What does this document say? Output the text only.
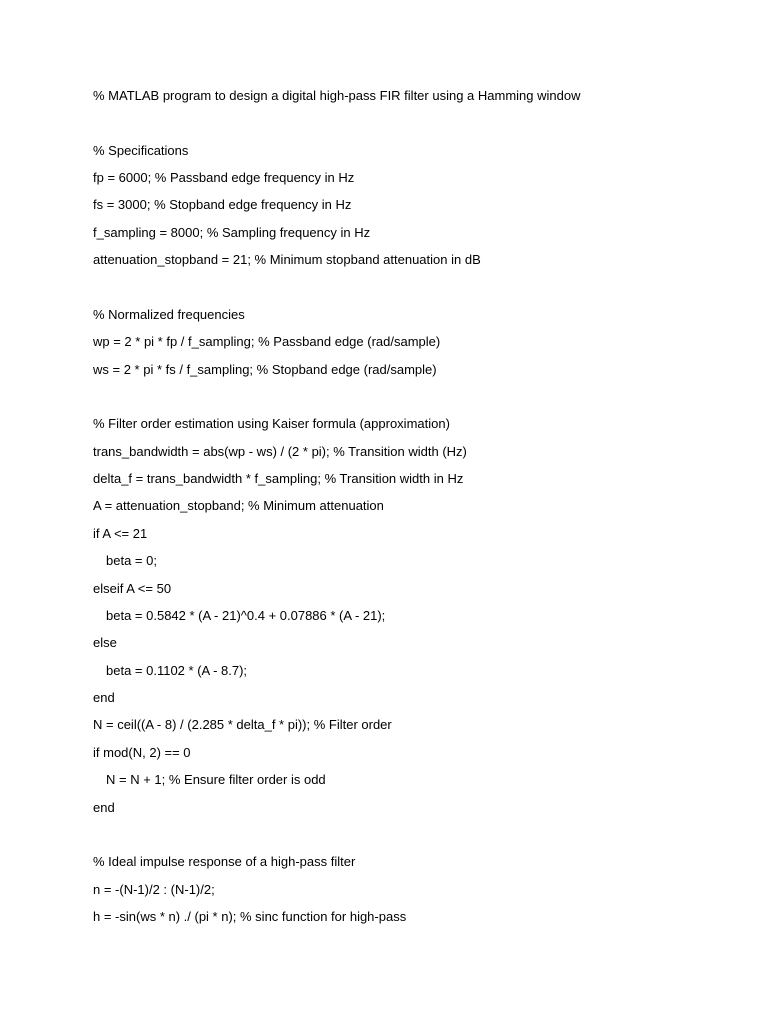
% MATLAB program to design a digital high-pass FIR filter using a Hamming window
% Specifications
fp = 6000; % Passband edge frequency in Hz
fs = 3000; % Stopband edge frequency in Hz
f_sampling = 8000; % Sampling frequency in Hz
attenuation_stopband = 21; % Minimum stopband attenuation in dB
% Normalized frequencies
wp = 2 * pi * fp / f_sampling; % Passband edge (rad/sample)
ws = 2 * pi * fs / f_sampling; % Stopband edge (rad/sample)
% Filter order estimation using Kaiser formula (approximation)
trans_bandwidth = abs(wp - ws) / (2 * pi); % Transition width (Hz)
delta_f = trans_bandwidth * f_sampling; % Transition width in Hz
A = attenuation_stopband; % Minimum attenuation
if A <= 21
beta = 0;
elseif A <= 50
beta = 0.5842 * (A - 21)^0.4 + 0.07886 * (A - 21);
else
beta = 0.1102 * (A - 8.7);
end
N = ceil((A - 8) / (2.285 * delta_f * pi)); % Filter order
if mod(N, 2) == 0
N = N + 1; % Ensure filter order is odd
end
% Ideal impulse response of a high-pass filter
n = -(N-1)/2 : (N-1)/2;
h = -sin(ws * n) ./ (pi * n); % sinc function for high-pass
